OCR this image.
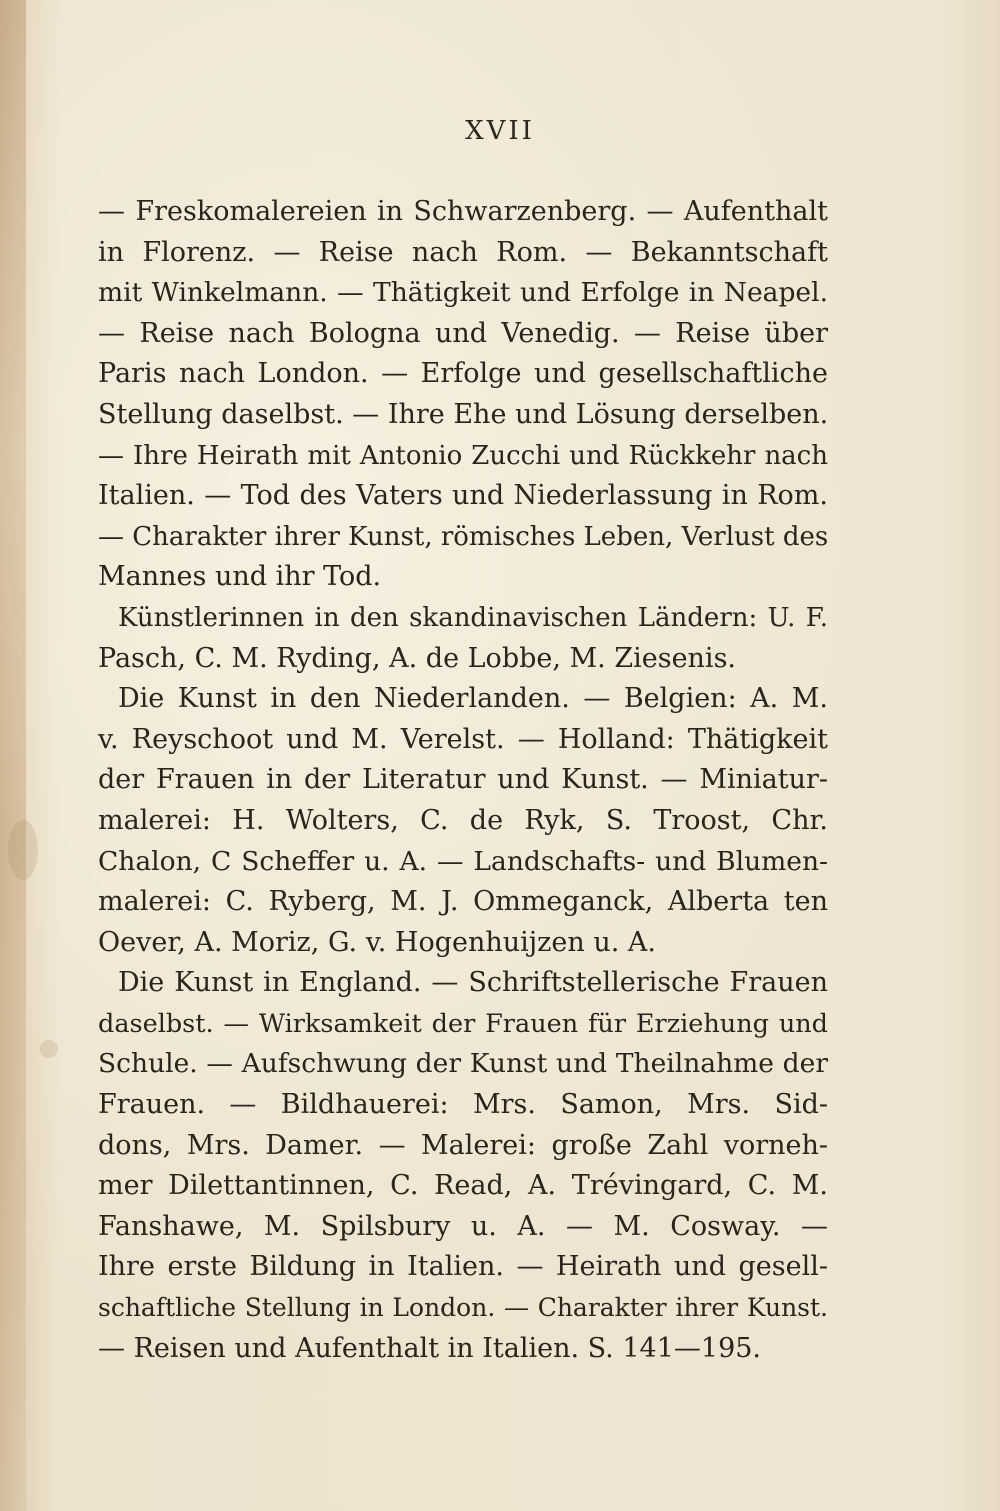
XVII
— Freskomalereien in Schwarzenberg. — Aufenthalt
in Florenz. — Reise nach Rom. — Bekanntschaft
mit Winkelmann. — Thätigkeit und Erfolge in Neapel.
— Reise nach Bologna und Venedig. — Reise über
Paris nach London. — Erfolge und gesellschaftliche
Stellung daselbst. — Ihre Ehe und Lösung derselben.
— Ihre Heirath mit Antonio Zucchi und Rückkehr nach
Italien. — Tod des Vaters und Niederlassung in Rom.
— Charakter ihrer Kunst, römisches Leben, Verlust des
Mannes und ihr Tod.
Künstlerinnen in den skandinavischen Ländern: U. F.
Pasch, C. M. Ryding, A. de Lobbe, M. Ziesenis.
Die Kunst in den Niederlanden. — Belgien: A. M.
v. Reyschoot und M. Verelst. — Holland: Thätigkeit
der Frauen in der Literatur und Kunst. — Miniatur-
malerei: H. Wolters, C. de Ryk, S. Troost, Chr.
Chalon, C Scheffer u. A. — Landschafts- und Blumen-
malerei: C. Ryberg, M. J. Ommeganck, Alberta ten
Oever, A. Moriz, G. v. Hogenhuijzen u. A.
Die Kunst in England. — Schriftstellerische Frauen
daselbst. — Wirksamkeit der Frauen für Erziehung und
Schule. — Aufschwung der Kunst und Theilnahme der
Frauen. — Bildhauerei: Mrs. Samon, Mrs. Sid-
dons, Mrs. Damer. — Malerei: große Zahl vorneh-
mer Dilettantinnen, C. Read, A. Trévingard, C. M.
Fanshawe, M. Spilsbury u. A. — M. Cosway. —
Ihre erste Bildung in Italien. — Heirath und gesell-
schaftliche Stellung in London. — Charakter ihrer Kunst.
— Reisen und Aufenthalt in Italien. S. 141—195.
